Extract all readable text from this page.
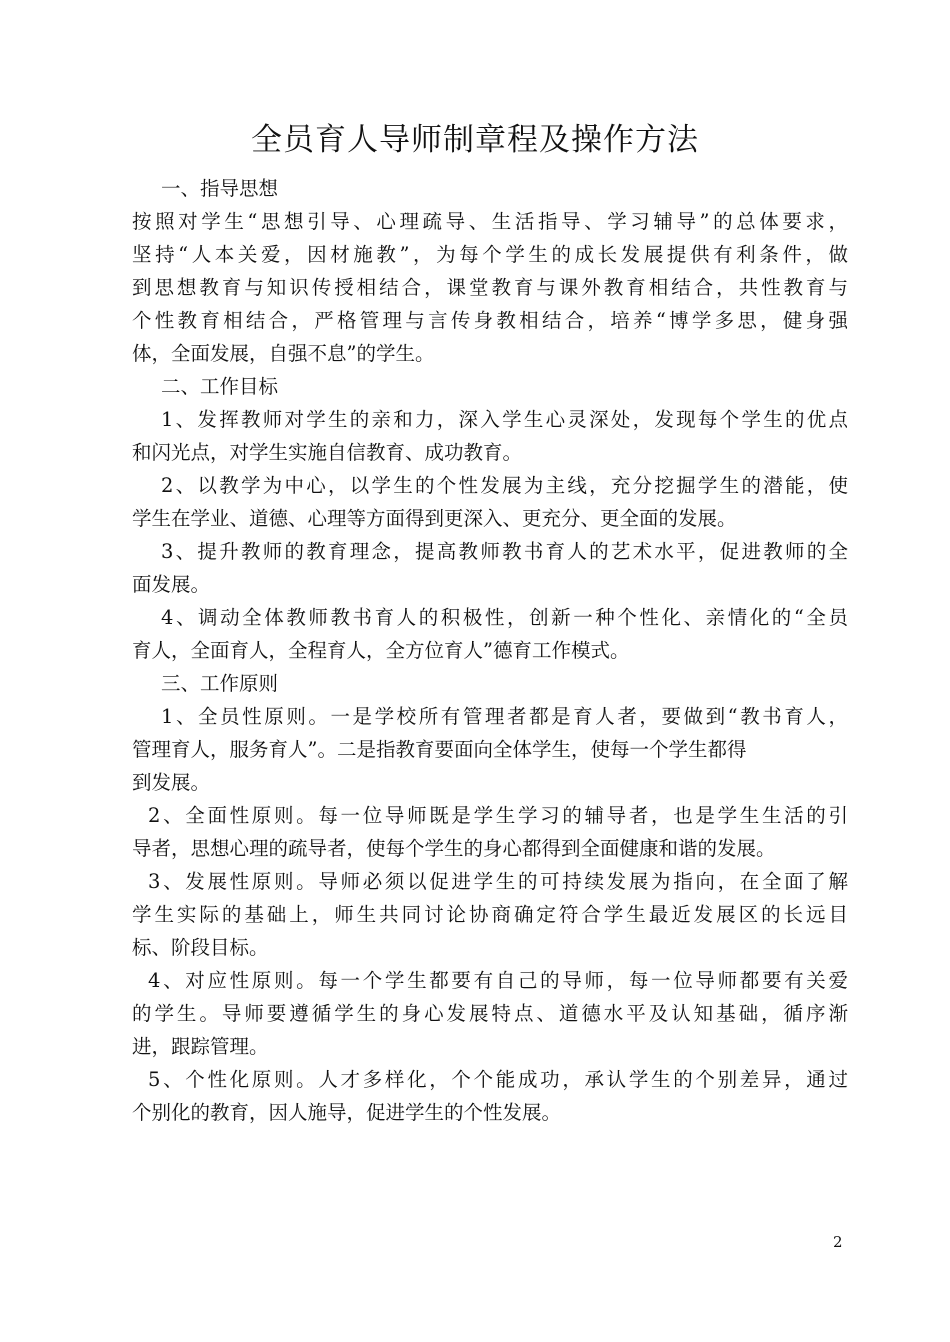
全员育人导师制章程及操作方法
一、指导思想
按照对学生“思想引导、心理疏导、生活指导、学习辅导”的总体要求，
坚持“人本关爱，因材施教”，为每个学生的成长发展提供有利条件，做
到思想教育与知识传授相结合，课堂教育与课外教育相结合，共性教育与
个性教育相结合，严格管理与言传身教相结合，培养“博学多思，健身强
体，全面发展，自强不息”的学生。
二、工作目标
1、发挥教师对学生的亲和力，深入学生心灵深处，发现每个学生的优点
和闪光点，对学生实施自信教育、成功教育。
2、以教学为中心，以学生的个性发展为主线，充分挖掘学生的潜能，使
学生在学业、道德、心理等方面得到更深入、更充分、更全面的发展。
3、提升教师的教育理念，提高教师教书育人的艺术水平，促进教师的全
面发展。
4、调动全体教师教书育人的积极性，创新一种个性化、亲情化的“全员
育人，全面育人，全程育人，全方位育人”德育工作模式。
三、工作原则
1、全员性原则。一是学校所有管理者都是育人者，要做到“教书育人，
管理育人，服务育人”。二是指教育要面向全体学生，使每一个学生都得
到发展。
2、全面性原则。每一位导师既是学生学习的辅导者，也是学生生活的引
导者，思想心理的疏导者，使每个学生的身心都得到全面健康和谐的发展。
3、发展性原则。导师必须以促进学生的可持续发展为指向，在全面了解
学生实际的基础上，师生共同讨论协商确定符合学生最近发展区的长远目
标、阶段目标。
4、对应性原则。每一个学生都要有自己的导师，每一位导师都要有关爱
的学生。导师要遵循学生的身心发展特点、道德水平及认知基础，循序渐
进，跟踪管理。
5、个性化原则。人才多样化，个个能成功，承认学生的个别差异，通过
个别化的教育，因人施导，促进学生的个性发展。
2
